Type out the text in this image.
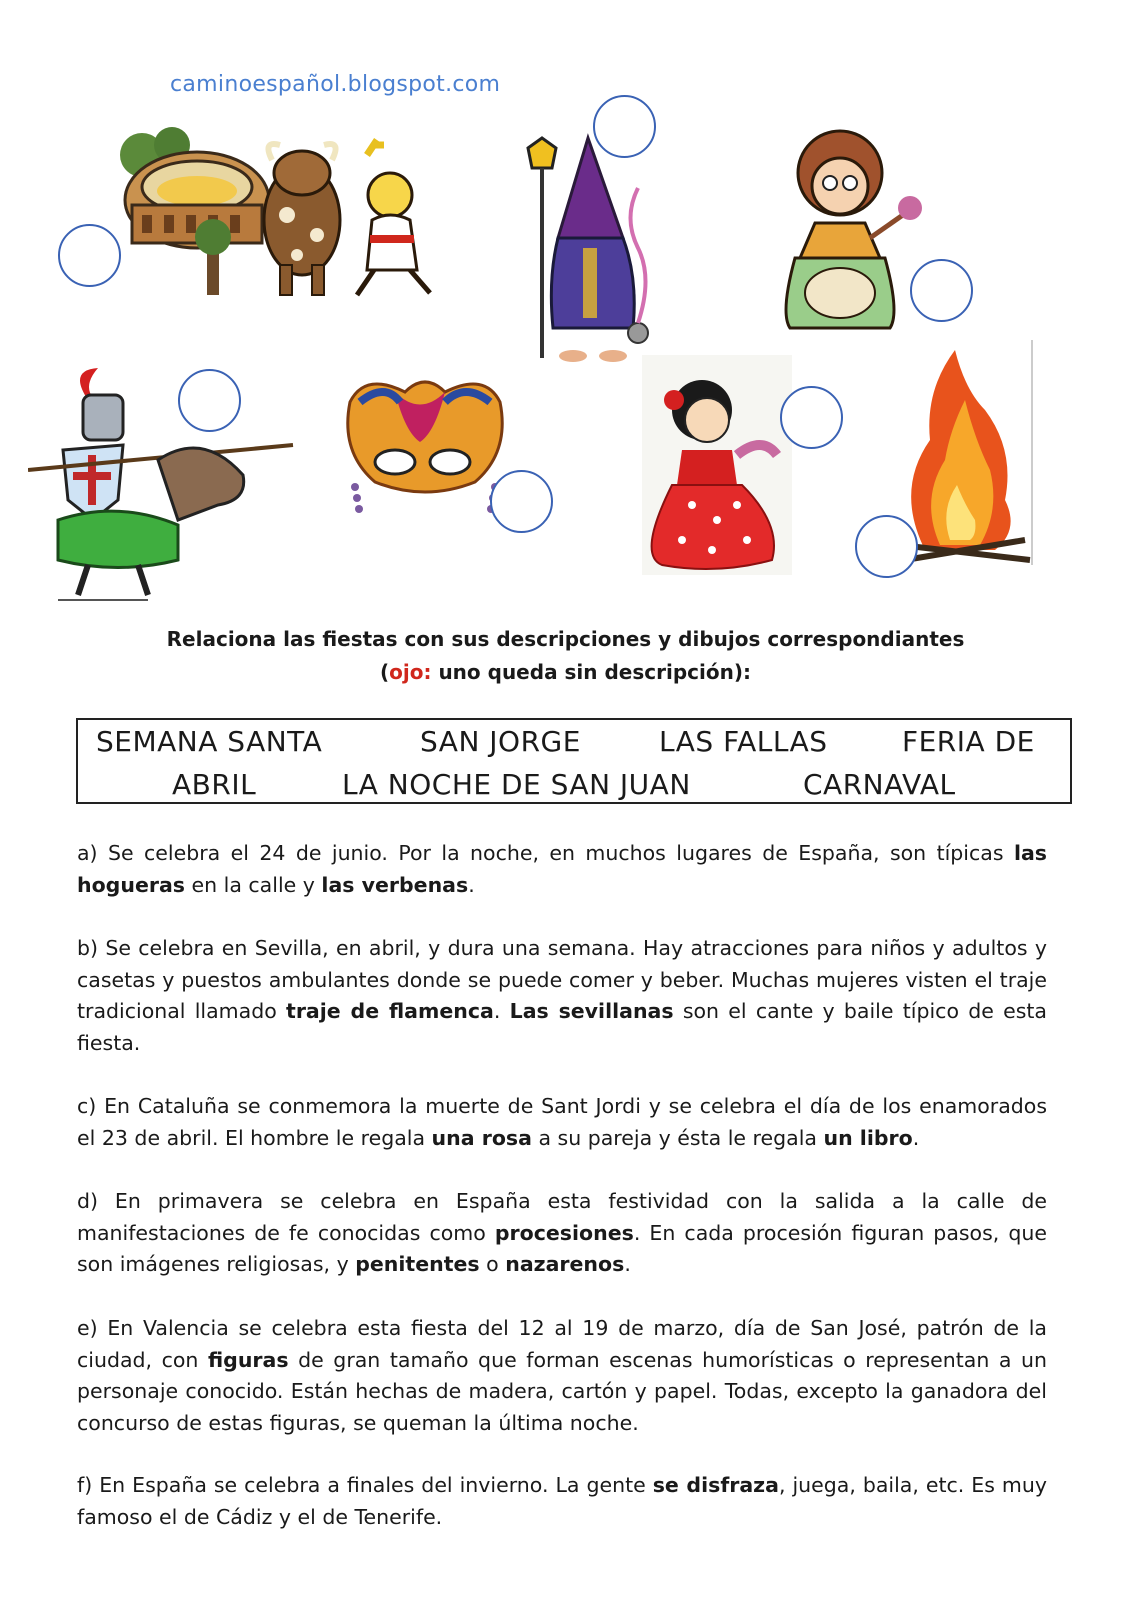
caminoespañol.blogspot.com
Relaciona las fiestas con sus descripciones y dibujos correspondiantes
(ojo: uno queda sin descripción):
SEMANA SANTA	SAN JORGE	LAS FALLAS	FERIA DE
ABRIL	LA NOCHE DE SAN JUAN	CARNAVAL
a) Se celebra el 24 de junio. Por la noche, en muchos lugares de España, son típicas las hogueras en la calle y las verbenas.
b) Se celebra en Sevilla, en abril, y dura una semana. Hay atracciones para niños y adultos y casetas y puestos ambulantes donde se puede comer y beber. Muchas mujeres visten el traje tradicional llamado traje de flamenca. Las sevillanas son el cante y baile típico de esta fiesta.
c) En Cataluña se conmemora la muerte de Sant Jordi y se celebra el día de los enamorados el 23 de abril. El hombre le regala una rosa a su pareja y ésta le regala un libro.
d) En primavera se celebra en España esta festividad con la salida a la calle de manifestaciones de fe conocidas como procesiones. En cada procesión figuran pasos, que son imágenes religiosas, y penitentes o nazarenos.
e) En Valencia se celebra esta fiesta del 12 al 19 de marzo, día de San José, patrón de la ciudad, con figuras de gran tamaño que forman escenas humorísticas o representan a un personaje conocido. Están hechas de madera, cartón y papel. Todas, excepto la ganadora del concurso de estas figuras, se queman la última noche.
f) En España se celebra a finales del invierno. La gente se disfraza, juega, baila, etc. Es muy famoso el de Cádiz y el de Tenerife.
